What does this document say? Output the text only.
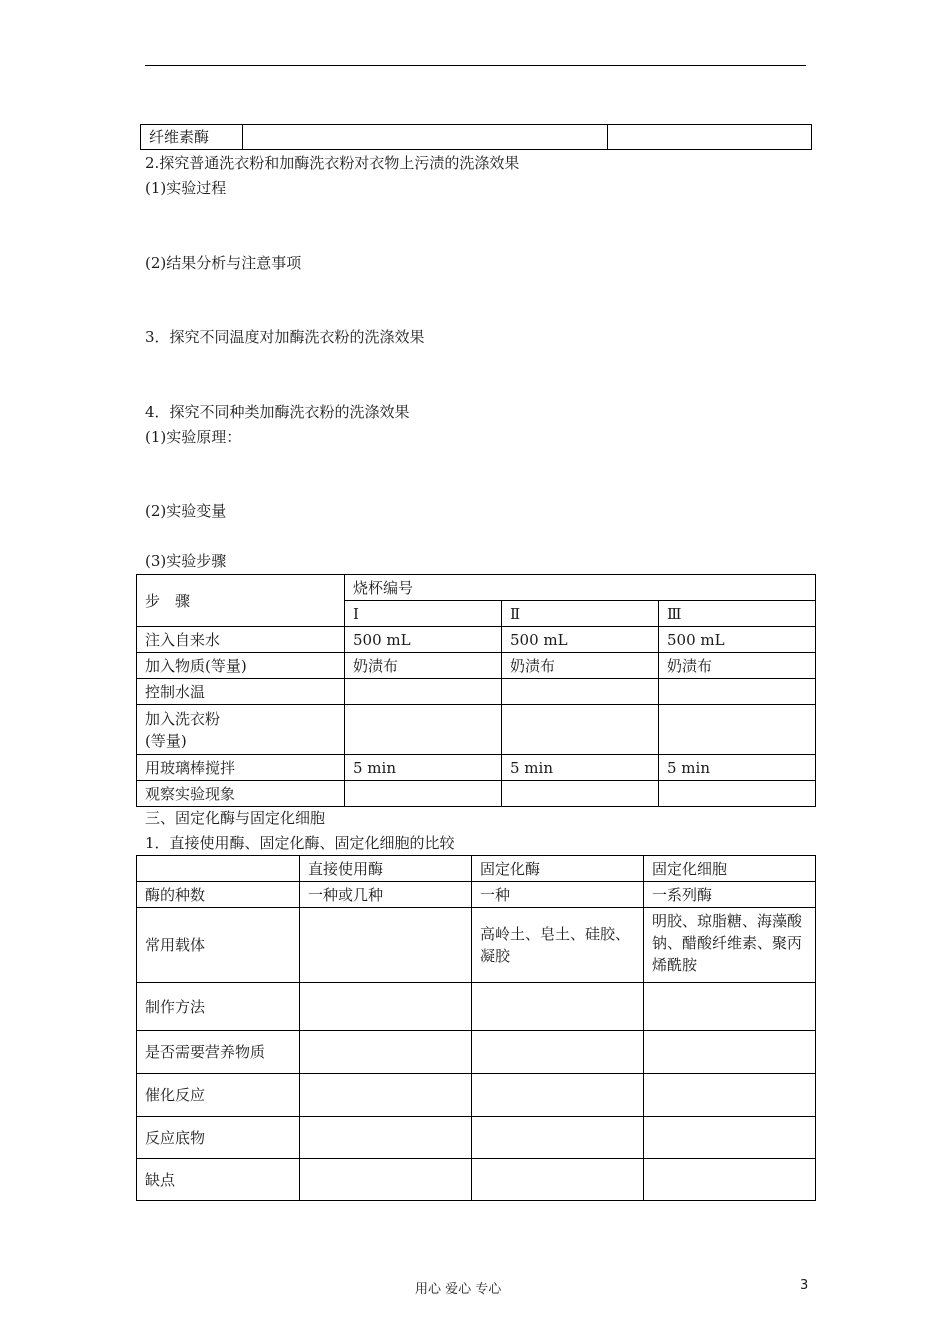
纤维素酶		
2.探究普通洗衣粉和加酶洗衣粉对衣物上污渍的洗涤效果
(1)实验过程
(2)结果分析与注意事项
3．探究不同温度对加酶洗衣粉的洗涤效果
4．探究不同种类加酶洗衣粉的洗涤效果
(1)实验原理：
(2)实验变量
(3)实验步骤
步　骤	烧杯编号		
	Ⅰ	Ⅱ	Ⅲ
注入自来水	500 mL	500 mL	500 mL
加入物质(等量)	奶渍布	奶渍布	奶渍布
控制水温			
加入洗衣粉
(等量)			
用玻璃棒搅拌	5 min	5 min	5 min
观察实验现象			
三、固定化酶与固定化细胞
1．直接使用酶、固定化酶、固定化细胞的比较
	直接使用酶	固定化酶	固定化细胞
酶的种数	一种或几种	一种	一系列酶
常用载体		高岭土、皂土、硅胶、凝胶	明胶、琼脂糖、海藻酸钠、醋酸纤维素、聚丙烯酰胺
制作方法			
是否需要营养物质			
催化反应			
反应底物			
缺点			
用心 爱心 专心	3
